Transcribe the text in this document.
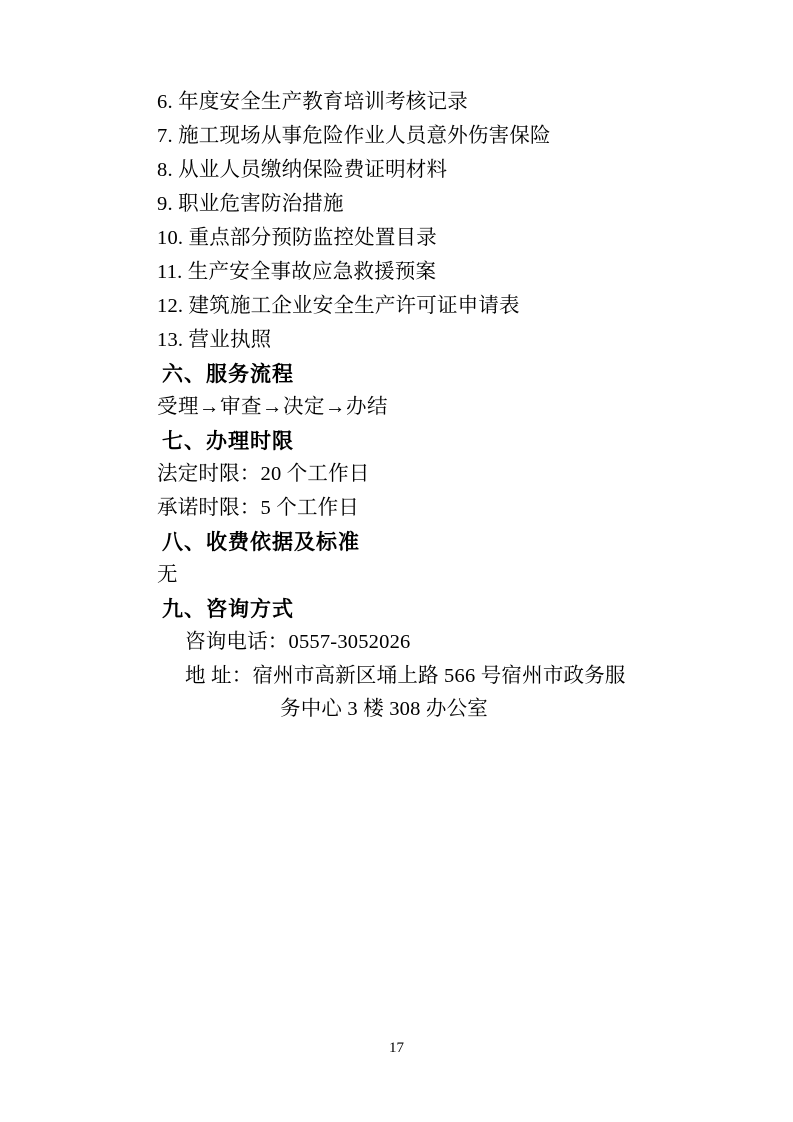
6. 年度安全生产教育培训考核记录
7. 施工现场从事危险作业人员意外伤害保险
8. 从业人员缴纳保险费证明材料
9. 职业危害防治措施
10. 重点部分预防监控处置目录
11. 生产安全事故应急救援预案
12. 建筑施工企业安全生产许可证申请表
13. 营业执照
六、服务流程
受理→审查→决定→办结
七、办理时限
法定时限：20 个工作日
承诺时限：5 个工作日
八、收费依据及标准
无
九、咨询方式
咨询电话：0557-3052026
地 址：宿州市高新区埇上路 566 号宿州市政务服
务中心 3 楼 308 办公室
17
